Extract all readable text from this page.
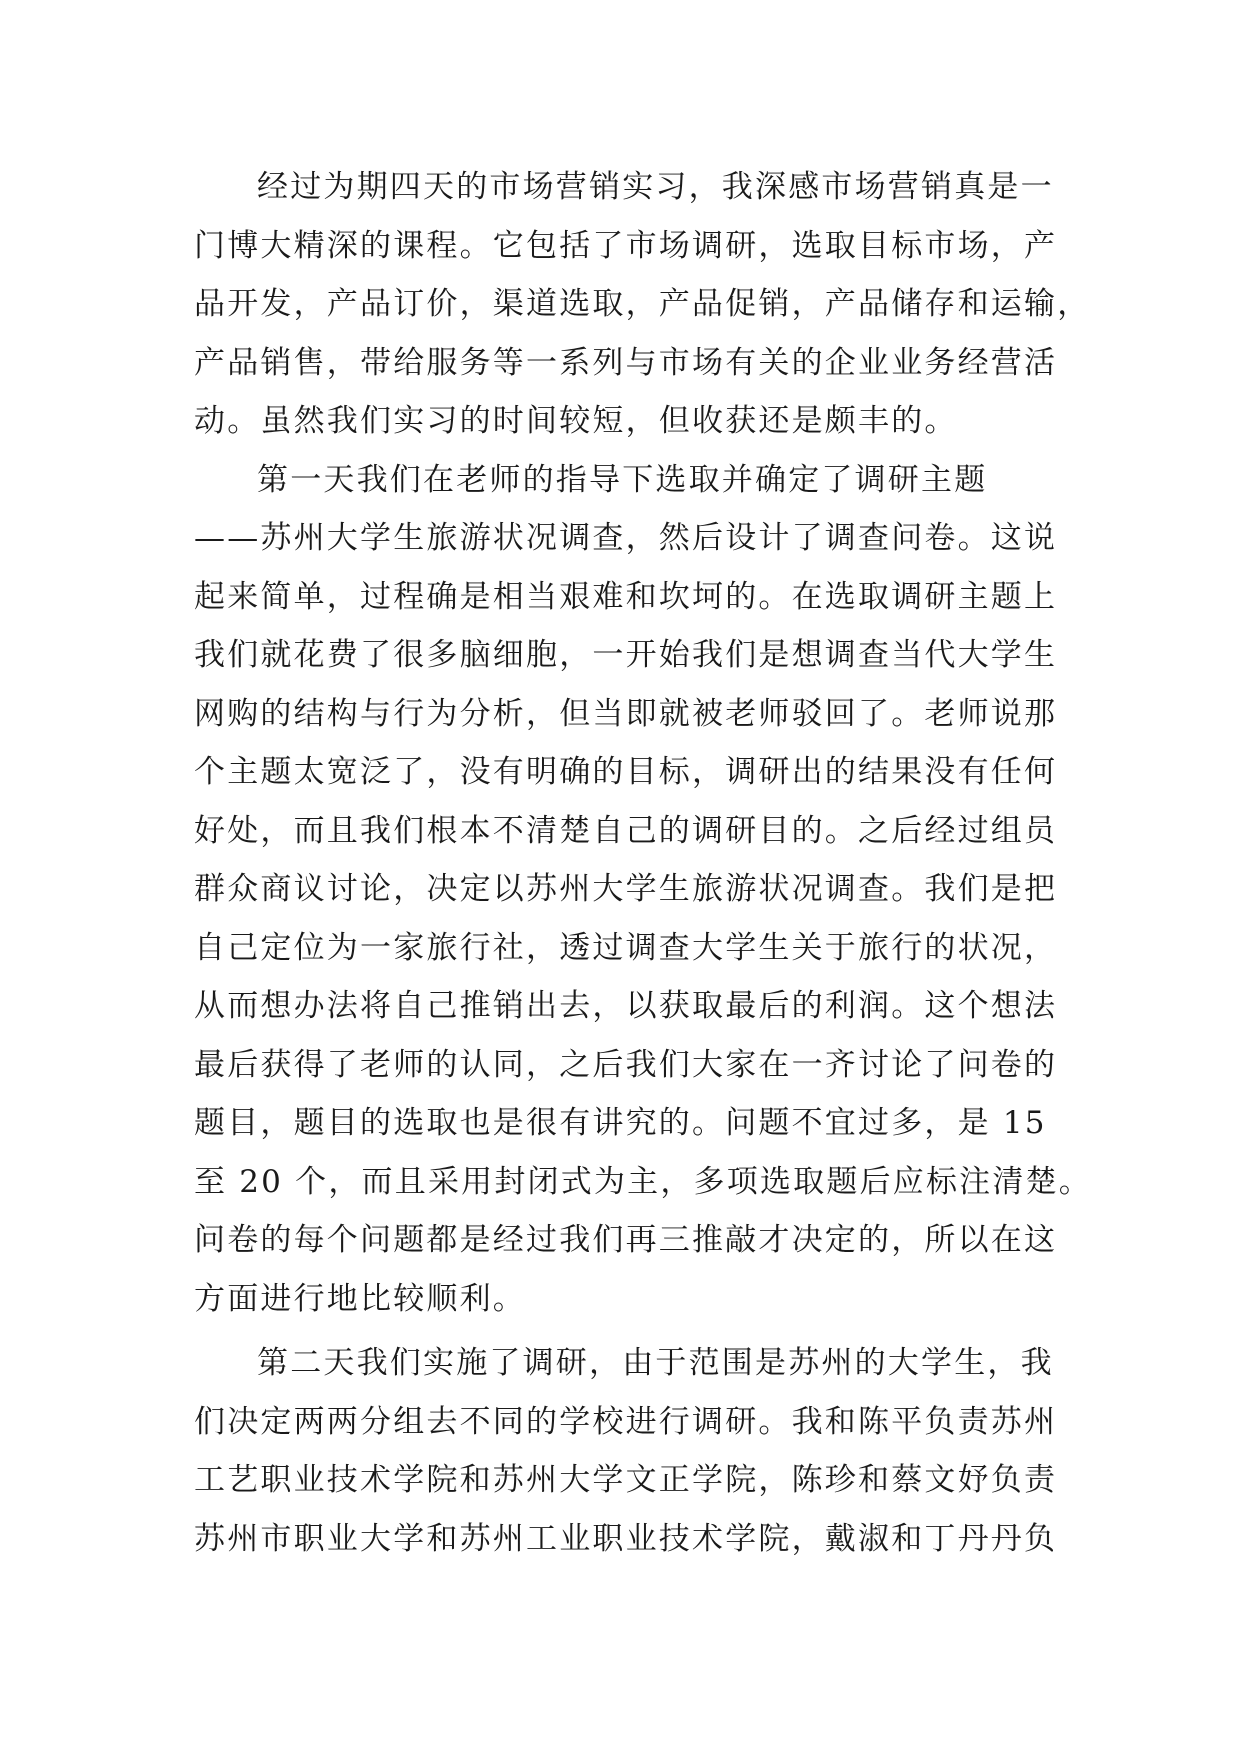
经过为期四天的市场营销实习，我深感市场营销真是一
门博大精深的课程。它包括了市场调研，选取目标市场，产
品开发，产品订价，渠道选取，产品促销，产品储存和运输，
产品销售，带给服务等一系列与市场有关的企业业务经营活
动。虽然我们实习的时间较短，但收获还是颇丰的。
第一天我们在老师的指导下选取并确定了调研主题
——苏州大学生旅游状况调查，然后设计了调查问卷。这说
起来简单，过程确是相当艰难和坎坷的。在选取调研主题上
我们就花费了很多脑细胞，一开始我们是想调查当代大学生
网购的结构与行为分析，但当即就被老师驳回了。老师说那
个主题太宽泛了，没有明确的目标，调研出的结果没有任何
好处，而且我们根本不清楚自己的调研目的。之后经过组员
群众商议讨论，决定以苏州大学生旅游状况调查。我们是把
自己定位为一家旅行社，透过调查大学生关于旅行的状况，
从而想办法将自己推销出去，以获取最后的利润。这个想法
最后获得了老师的认同，之后我们大家在一齐讨论了问卷的
题目，题目的选取也是很有讲究的。问题不宜过多，是 15
至 20 个，而且采用封闭式为主，多项选取题后应标注清楚。
问卷的每个问题都是经过我们再三推敲才决定的，所以在这
方面进行地比较顺利。
第二天我们实施了调研，由于范围是苏州的大学生，我
们决定两两分组去不同的学校进行调研。我和陈平负责苏州
工艺职业技术学院和苏州大学文正学院，陈珍和蔡文妤负责
苏州市职业大学和苏州工业职业技术学院，戴淑和丁丹丹负
